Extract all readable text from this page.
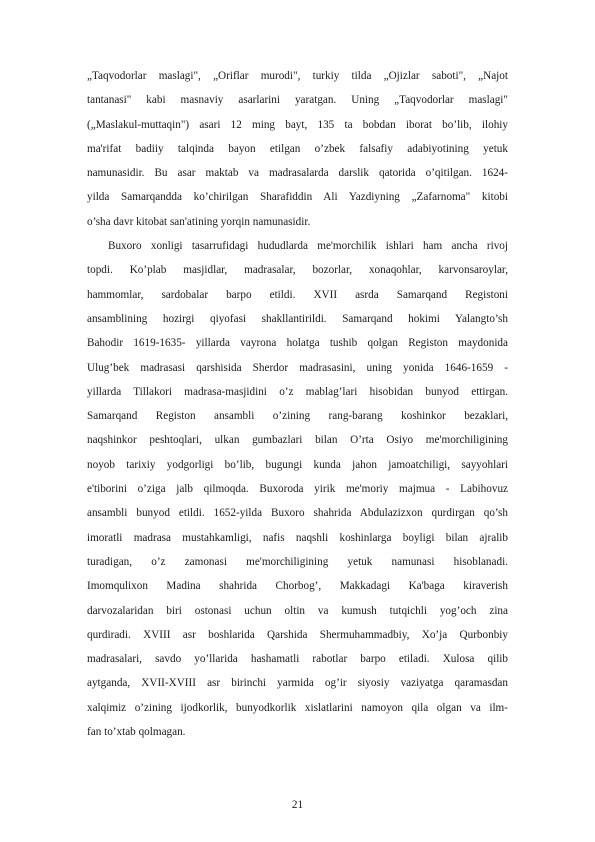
„Taqvodorlar maslagi", „Oriflar murodi", turkiy tilda „Ojizlar saboti", „Najot
tantanasi" kabi masnaviy asarlarini yaratgan. Uning „Taqvodorlar maslagi"
(„Maslakul-muttaqin") asari 12 ming bayt, 135 ta bobdan iborat bo’lib, ilohiy
ma'rifat badiiy talqinda bayon etilgan o’zbek falsafiy adabiyotining yetuk
namunasidir. Bu asar maktab va madrasalarda darslik qatorida o’qitilgan. 1624-
yilda Samarqandda ko’chirilgan Sharafiddin Ali Yazdiyning „Zafarnoma" kitobi
o’sha davr kitobat san'atining yorqin namunasidir.
Buxoro xonligi tasarrufidagi hududlarda me'morchilik ishlari ham ancha rivoj
topdi. Ko’plab masjidlar, madrasalar, bozorlar, xonaqohlar, karvonsaroylar,
hammomlar, sardobalar barpo etildi. XVII asrda Samarqand Registoni
ansamblining hozirgi qiyofasi shakllantirildi. Samarqand hokimi Yalangto’sh
Bahodir 1619-1635- yillarda vayrona holatga tushib qolgan Registon maydonida
Ulug’bek madrasasi qarshisida Sherdor madrasasini, uning yonida 1646-1659 -
yillarda Tillakori madrasa-masjidini o’z mablag’lari hisobidan bunyod ettirgan.
Samarqand Registon ansambli o’zining rang-barang koshinkor bezaklari,
naqshinkor peshtoqlari, ulkan gumbazlari bilan O’rta Osiyo me'morchiligining
noyob tarixiy yodgorligi bo’lib, bugungi kunda jahon jamoatchiligi, sayyohlari
e'tiborini o’ziga jalb qilmoqda. Buxoroda yirik me'moriy majmua - Labihovuz
ansambli bunyod etildi. 1652-yilda Buxoro shahrida Abdulazizxon qurdirgan qo’sh
imoratli madrasa mustahkamligi, nafis naqshli koshinlarga boyligi bilan ajralib
turadigan, o’z zamonasi me'morchiligining yetuk namunasi hisoblanadi.
Imomqulixon Madina shahrida Chorbog’, Makkadagi Ka'baga kiraverish
darvozalaridan biri ostonasi uchun oltin va kumush tutqichli yog’och zina
qurdiradi. XVIII asr boshlarida Qarshida Shermuhammadbiy, Xo’ja Qurbonbiy
madrasalari, savdo yo’llarida hashamatli rabotlar barpo etiladi. Xulosa qilib
aytganda, XVII-XVIII asr birinchi yarmida og’ir siyosiy vaziyatga qaramasdan
xalqimiz o’zining ijodkorlik, bunyodkorlik xislatlarini namoyon qila olgan va ilm-
fan to’xtab qolmagan.
21
